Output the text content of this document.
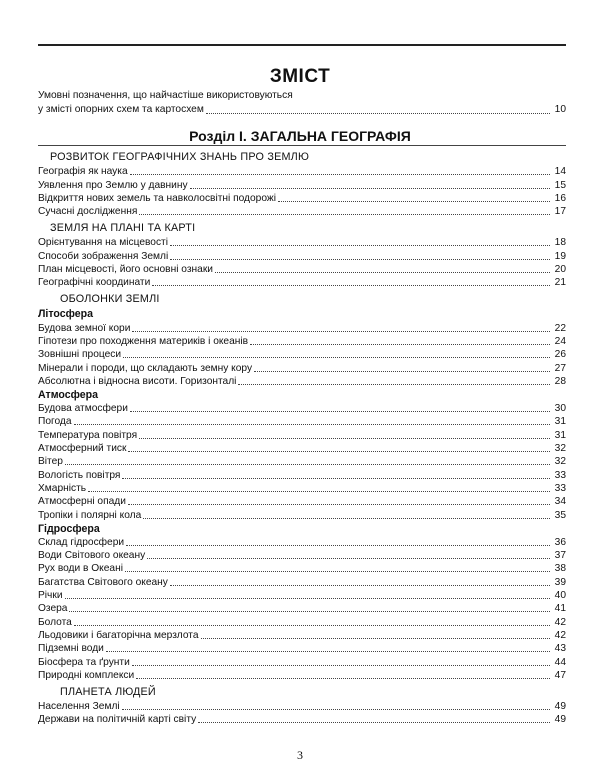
ЗМІСТ
Умовні позначення, що найчастіше використовуються
у змісті опорних схем та картосхем	10
Розділ І. ЗАГАЛЬНА ГЕОГРАФІЯ
РОЗВИТОК ГЕОГРАФІЧНИХ ЗНАНЬ ПРО ЗЕМЛЮ
Географія як наука	14
Уявлення про Землю у давнину	15
Відкриття нових земель та навколосвітні подорожі	16
Сучасні дослідження	17
ЗЕМЛЯ НА ПЛАНІ ТА КАРТІ
Орієнтування на місцевості	18
Способи зображення Землі	19
План місцевості, його основні ознаки	20
Географічні координати	21
ОБОЛОНКИ ЗЕМЛІ
Літосфера
Будова земної кори	22
Гіпотези про походження материків і океанів	24
Зовнішні процеси	26
Мінерали і породи, що складають земну кору	27
Абсолютна і відносна висоти. Горизонталі	28
Атмосфера
Будова атмосфери	30
Погода	31
Температура повітря	31
Атмосферний тиск	32
Вітер	32
Вологість повітря	33
Хмарність	33
Атмосферні опади	34
Тропіки і полярні кола	35
Гідросфера
Склад гідросфери	36
Води Світового океану	37
Рух води в Океані	38
Багатства Світового океану	39
Річки	40
Озера	41
Болота	42
Льодовики і багаторічна мерзлота	42
Підземні води	43
Біосфера та ґрунти	44
Природні комплекси	47
ПЛАНЕТА ЛЮДЕЙ
Населення Землі	49
Держави на політичній карті світу	49
3
